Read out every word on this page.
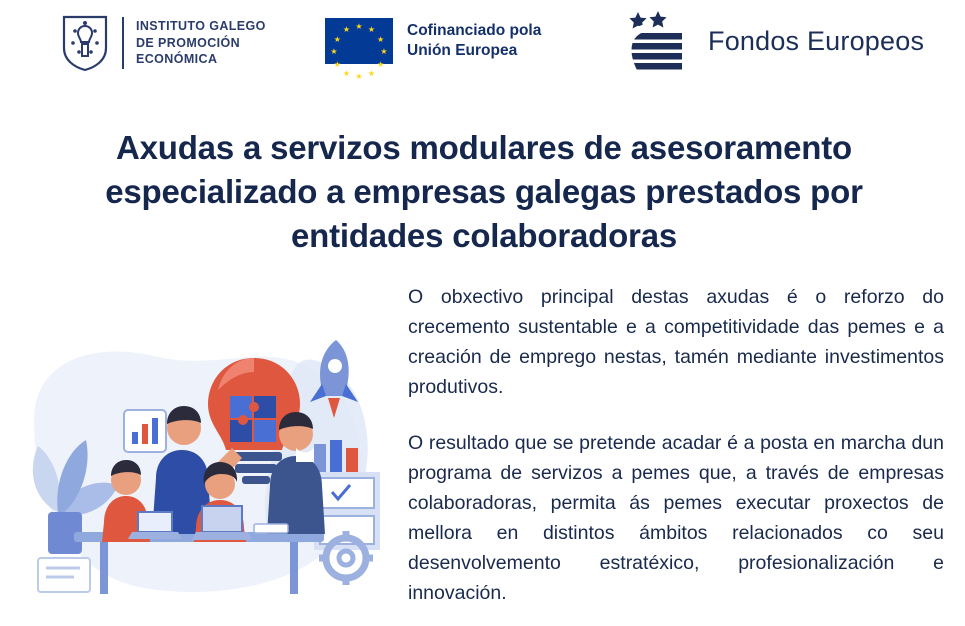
INSTITUTO GALEGO
DE PROMOCIÓN
ECONÓMICA
★ ★
★
★
★
★
★
★
★
★
★
★	Cofinanciado pola
Unión Europea	Fondos Europeos
Axudas a servizos modulares de asesoramento especializado a empresas galegas prestados por entidades colaboradoras

O obxectivo principal destas axudas é o reforzo do crecemento sustentable e a competitividade das pemes e a creación de emprego nestas, tamén mediante investimentos produtivos.

O resultado que se pretende acadar é a posta en marcha dun programa de servizos a pemes que, a través de empresas colaboradoras, permita ás pemes executar proxectos de mellora en distintos ámbitos relacionados co seu desenvolvemento estratéxico, profesionalización e innovación.
